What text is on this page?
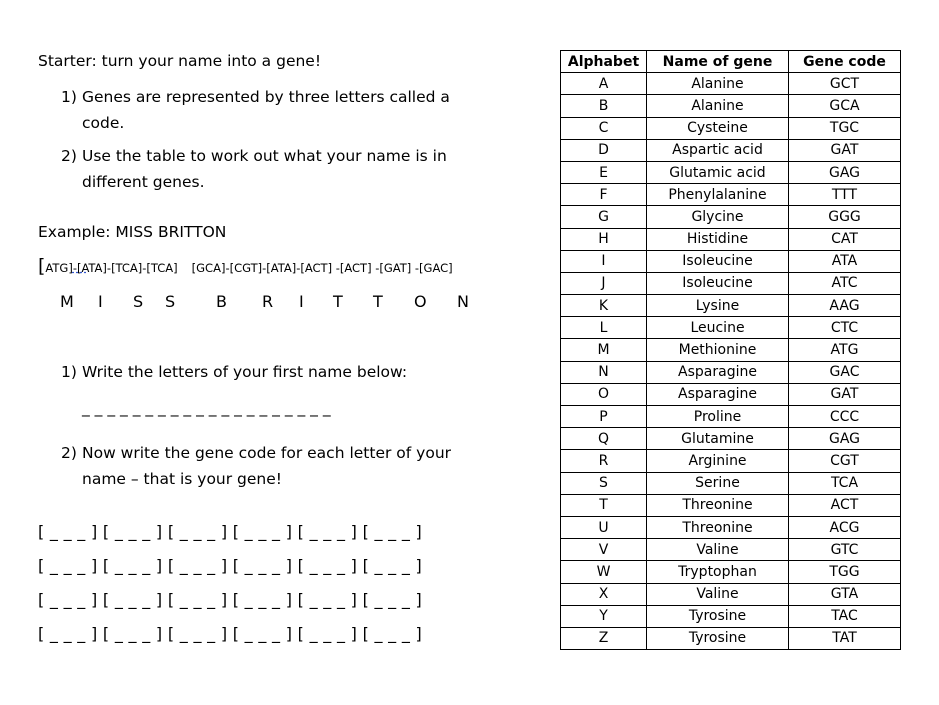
Starter: turn your name into a gene!
1) Genes are represented by three letters called a
code.
2) Use the table to work out what your name is in
different genes.
Example: MISS BRITTON
[ATG]-[ATA]-[TCA]-[TCA] [GCA]-[CGT]-[ATA]-[ACT] -[ACT] -[GAT] -[GAC]
M I S S	B R I T T O N
1) Write the letters of your first name below:
_ _ _ _ _ _ _ _ _ _ _ _ _ _ _ _ _ _ _ _
2) Now write the gene code for each letter of your
name – that is your gene!
[ _ _ _ ] [ _ _ _ ] [ _ _ _ ] [ _ _ _ ] [ _ _ _ ] [ _ _ _ ]
[ _ _ _ ] [ _ _ _ ] [ _ _ _ ] [ _ _ _ ] [ _ _ _ ] [ _ _ _ ]
[ _ _ _ ] [ _ _ _ ] [ _ _ _ ] [ _ _ _ ] [ _ _ _ ] [ _ _ _ ]
[ _ _ _ ] [ _ _ _ ] [ _ _ _ ] [ _ _ _ ] [ _ _ _ ] [ _ _ _ ]
Alphabet	Name of gene	Gene code
A	Alanine	GCT
B	Alanine	GCA
C	Cysteine	TGC
D	Aspartic acid	GAT
E	Glutamic acid	GAG
F	Phenylalanine	TTT
G	Glycine	GGG
H	Histidine	CAT
I	Isoleucine	ATA
J	Isoleucine	ATC
K	Lysine	AAG
L	Leucine	CTC
M	Methionine	ATG
N	Asparagine	GAC
O	Asparagine	GAT
P	Proline	CCC
Q	Glutamine	GAG
R	Arginine	CGT
S	Serine	TCA
T	Threonine	ACT
U	Threonine	ACG
V	Valine	GTC
W	Tryptophan	TGG
X	Valine	GTA
Y	Tyrosine	TAC
Z	Tyrosine	TAT
